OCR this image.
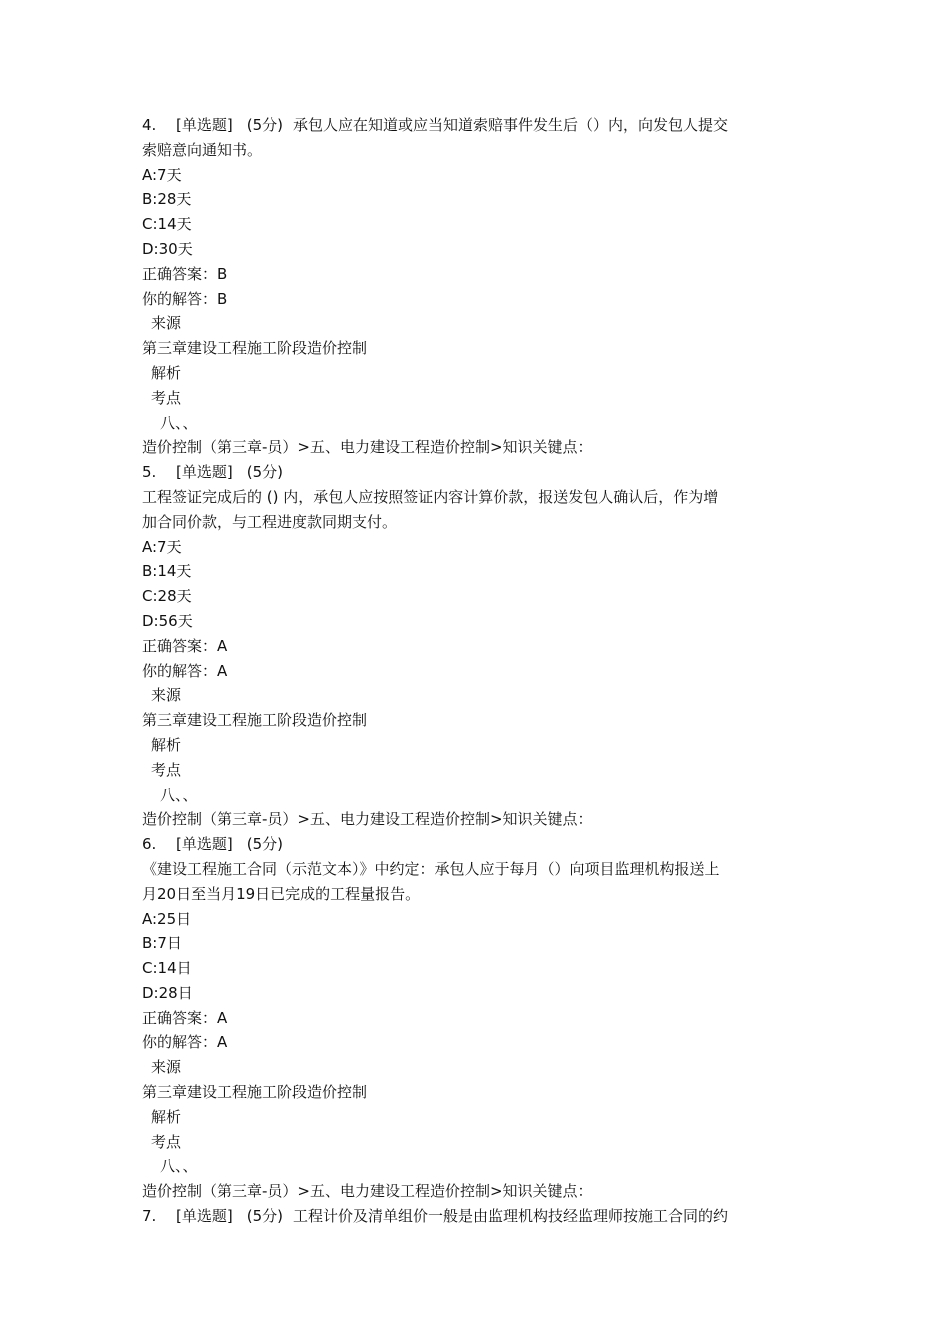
4. [单选题] (5分) 承包人应在知道或应当知道索赔事件发生后（）内，向发包人提交
索赔意向通知书。
A:7天
B:28天
C:14天
D:30天
正确答案：B
你的解答：B
来源
第三章建设工程施工阶段造价控制
解析
考点
八、、
造价控制（第三章-员）>五、电力建设工程造价控制>知识关键点：
5. [单选题] (5分)
工程签证完成后的 () 内，承包人应按照签证内容计算价款，报送发包人确认后，作为增
加合同价款，与工程进度款同期支付。
A:7天
B:14天
C:28天
D:56天
正确答案：A
你的解答：A
来源
第三章建设工程施工阶段造价控制
解析
考点
八、、
造价控制（第三章-员）>五、电力建设工程造价控制>知识关键点：
6. [单选题] (5分)
《建设工程施工合同（示范文本）》中约定：承包人应于每月（）向项目监理机构报送上
月20日至当月19日已完成的工程量报告。
A:25日
B:7日
C:14日
D:28日
正确答案：A
你的解答：A
来源
第三章建设工程施工阶段造价控制
解析
考点
八、、
造价控制（第三章-员）>五、电力建设工程造价控制>知识关键点：
7. [单选题] (5分) 工程计价及清单组价一般是由监理机构技经监理师按施工合同的约
